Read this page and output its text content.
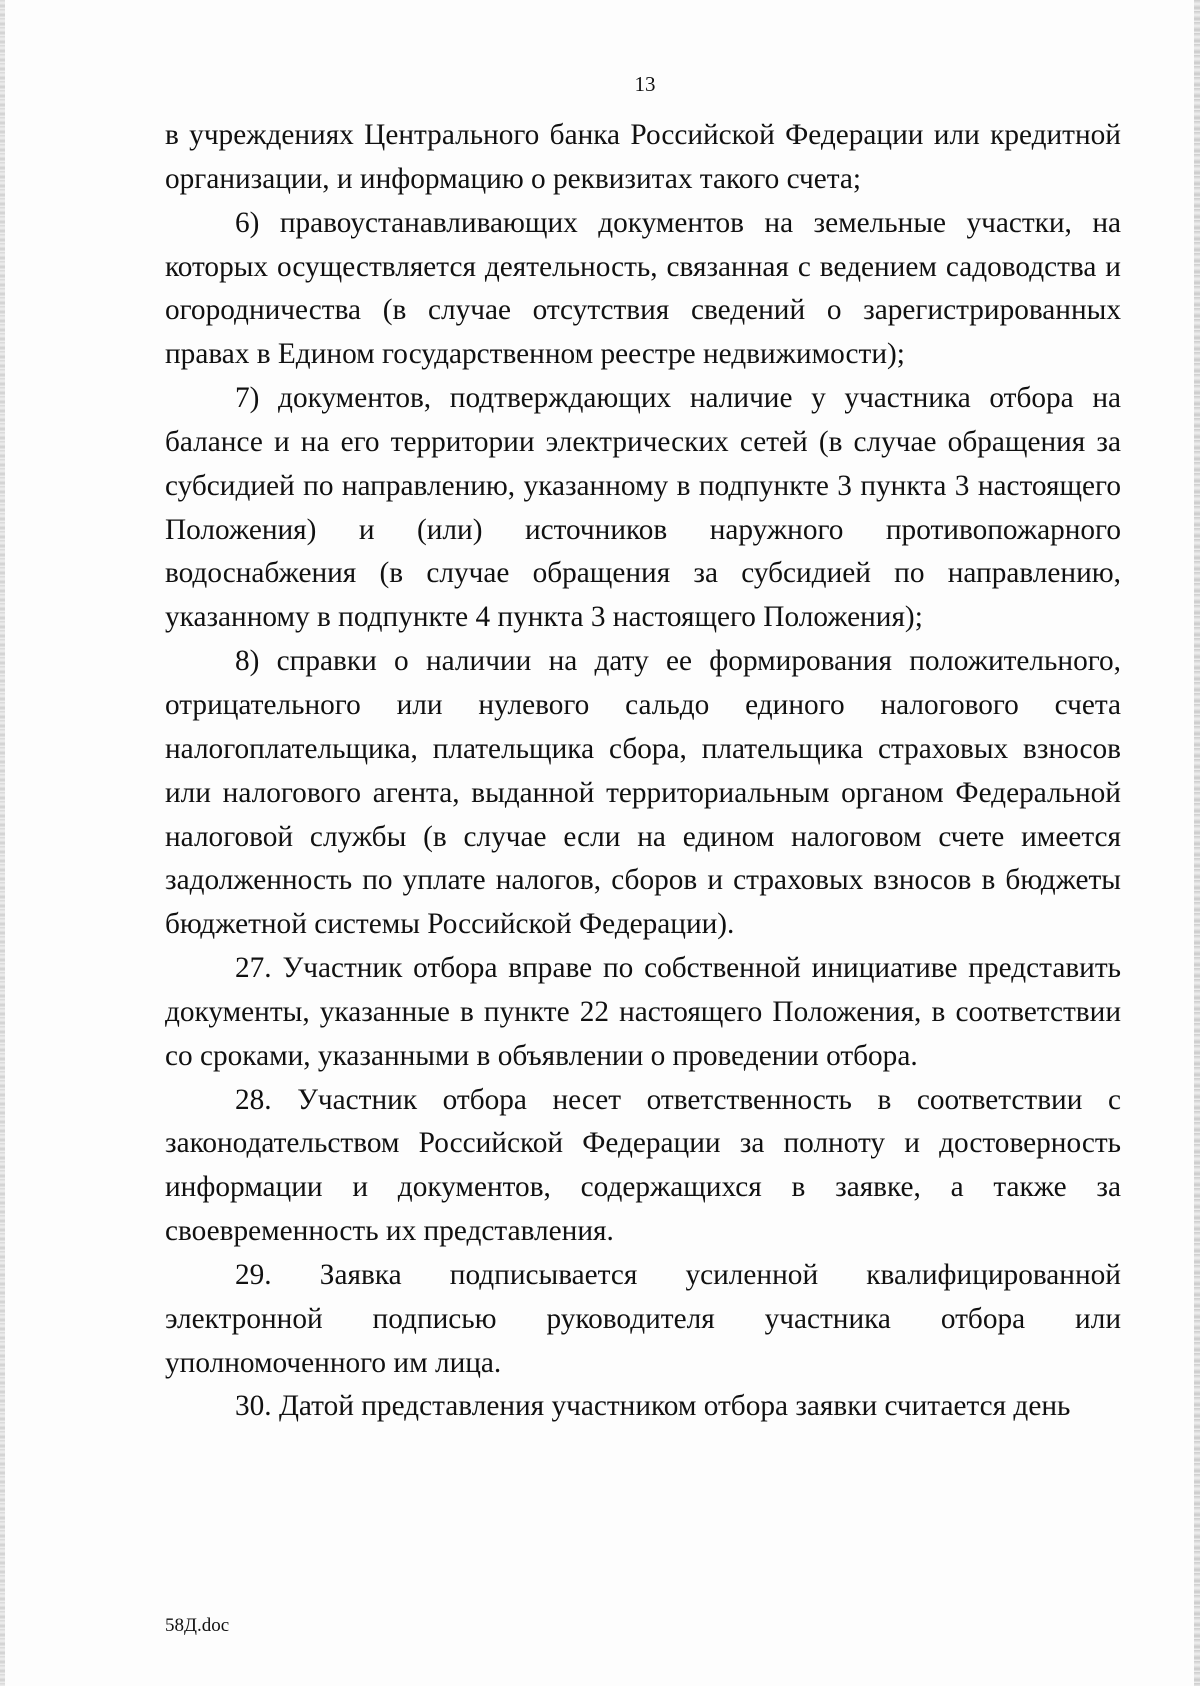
13

в учреждениях Центрального банка Российской Федерации или кредитной организации, и информацию о реквизитах такого счета;

6) правоустанавливающих документов на земельные участки, на которых осуществляется деятельность, связанная с ведением садоводства и огородничества (в случае отсутствия сведений о зарегистрированных правах в Едином государственном реестре недвижимости);

7) документов, подтверждающих наличие у участника отбора на балансе и на его территории электрических сетей (в случае обращения за субсидией по направлению, указанному в подпункте 3 пункта 3 настоящего Положения) и (или) источников наружного противопожарного водоснабжения (в случае обращения за субсидией по направлению, указанному в подпункте 4 пункта 3 настоящего Положения);

8) справки о наличии на дату ее формирования положительного, отрицательного или нулевого сальдо единого налогового счета налогоплательщика, плательщика сбора, плательщика страховых взносов или налогового агента, выданной территориальным органом Федеральной налоговой службы (в случае если на едином налоговом счете имеется задолженность по уплате налогов, сборов и страховых взносов в бюджеты бюджетной системы Российской Федерации).

27. Участник отбора вправе по собственной инициативе представить документы, указанные в пункте 22 настоящего Положения, в соответствии со сроками, указанными в объявлении о проведении отбора.

28. Участник отбора несет ответственность в соответствии с законодательством Российской Федерации за полноту и достоверность информации и документов, содержащихся в заявке, а также за своевременность их представления.

29. Заявка подписывается усиленной квалифицированной электронной подписью руководителя участника отбора или уполномоченного им лица.

30. Датой представления участником отбора заявки считается день

58Д.doc
